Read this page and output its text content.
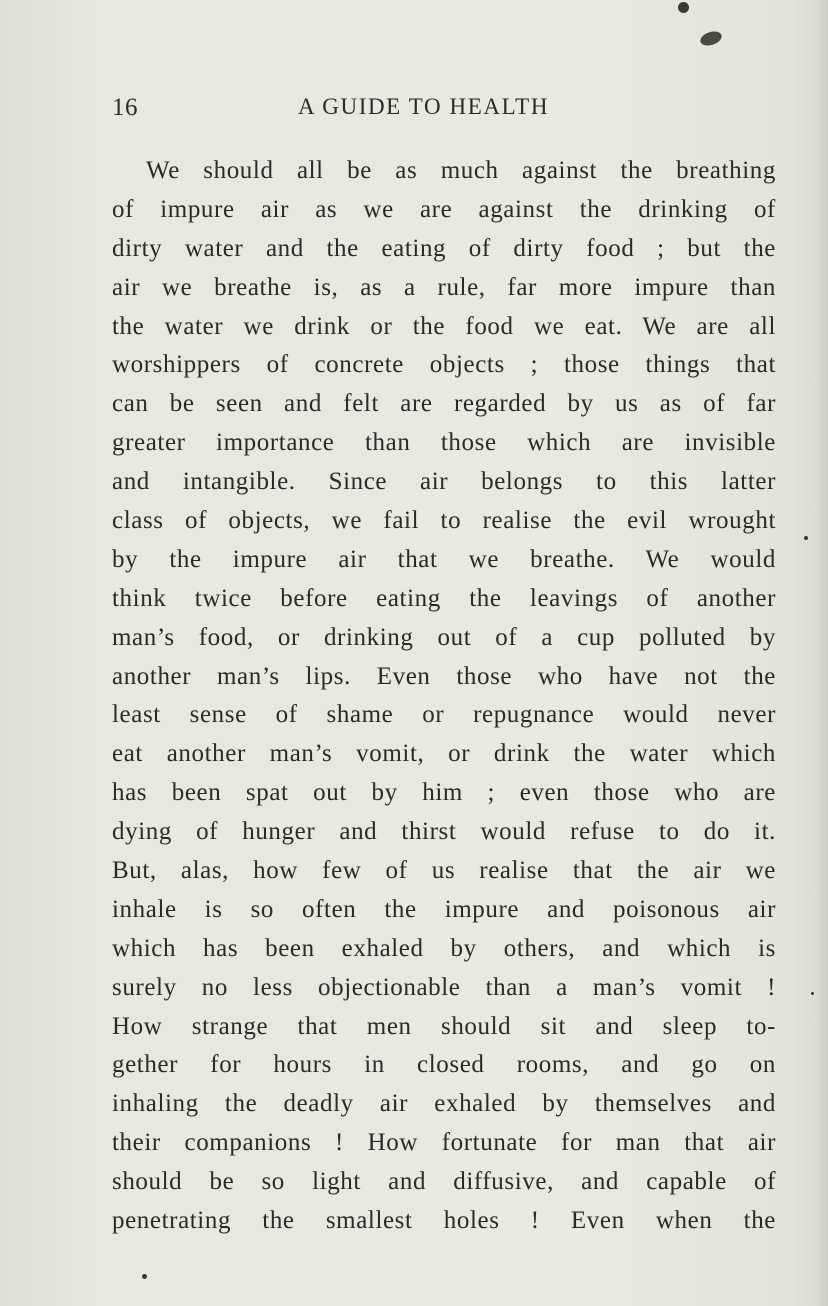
16	A GUIDE TO HEALTH
We should all be as much against the breathing
of impure air as we are against the drinking of
dirty water and the eating of dirty food ; but the
air we breathe is, as a rule, far more impure than
the water we drink or the food we eat. We are all
worshippers of concrete objects ; those things that
can be seen and felt are regarded by us as of far
greater importance than those which are invisible
and intangible. Since air belongs to this latter
class of objects, we fail to realise the evil wrought
by the impure air that we breathe. We would
think twice before eating the leavings of another
man’s food, or drinking out of a cup polluted by
another man’s lips. Even those who have not the
least sense of shame or repugnance would never
eat another man’s vomit, or drink the water which
has been spat out by him ; even those who are
dying of hunger and thirst would refuse to do it.
But, alas, how few of us realise that the air we
inhale is so often the impure and poisonous air
which has been exhaled by others, and which is
surely no less objectionable than a man’s vomit !
How strange that men should sit and sleep to-
gether for hours in closed rooms, and go on
inhaling the deadly air exhaled by themselves and
their companions ! How fortunate for man that air
should be so light and diffusive, and capable of
penetrating the smallest holes ! Even when the
